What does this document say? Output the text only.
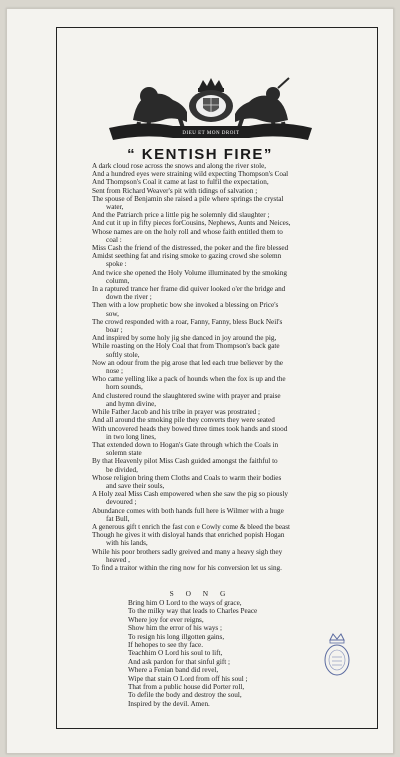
DIEU ET MON DROIT
“ KENTISH FIRE”
A dark cloud rose across the snows and along the river stole,
And a hundred eyes were straining wild expecting Thompson's Coal
And Thompson's Coal it came at last to fulfil the expectation,
Sent from Richard Weaver's pit with tidings of salvation ;
The spouse of Benjamin she raised a pile where springs the crystal
water,
And the Patriarch price a little pig he solemnly did slaughter ;
And cut it up in fifty pieces forCousins, Nephews, Aunts and Neices,
Whose names are on the holy roll and whose faith entitled them to
coal :
Miss Cash the friend of the distressed, the poker and the fire blessed
Amidst seething fat and rising smoke to gazing crowd she solemn
spoke :
And twice she opened the Holy Volume illuminated by the smoking
column,
In a raptured trance her frame did quiver looked o'er the bridge and
down the river ;
Then with a low prophetic bow she invoked a blessing on Price's
sow,
The crowd responded with a roar, Fanny, Fanny, bless Buck Neil's
boar ;
And inspired by some holy jig she danced in joy around the pig,
While roasting on the Holy Coal that from Thompson's back gate
softly stole,
Now an odour from the pig arose that led each true believer by the
nose ;
Who came yelling like a pack of hounds when the fox is up and the
horn sounds,
And clustered round the slaughtered swine with prayer and praise
and hymn divine,
While Father Jacob and his tribe in prayer was prostrated ;
And all around the smoking pile they converts they were seated
With uncovered heads they bowed three times took hands and stood
in two long lines,
That extended down to Hogan's Gate through which the Coals in
solemn state
By that Heavenly pilot Miss Cash guided amongst the faithful to
be divided,
Whose religion bring them Cloths and Coals to warm their bodies
and save their souls,
A Holy zeal Miss Cash empowered when she saw the pig so piously
devoured ;
Abundance comes with both hands full here is Wilmer with a huge
fat Bull,
A generous gift t enrich the fast con e Cowly come & bleed the beast
Though he gives it with disloyal hands that enriched popish Hogan
with his lands,
While his poor brothers sadly greived and many a heavy sigh they
heaved ,
To find a traitor within the ring now for his conversion let us sing.
S O N G
Bring him O Lord to the ways of grace,
To the milky way that leads to Charles Peace
Where joy for ever reigns,
Show him the error of his ways ;
To resign his long illgotten gains,
If hehopes to see thy face.
Teachhim O Lord his soul to lift,
And ask pardon for that sinful gift ;
Where a Fenian band did revel,
Wipe that stain O Lord from off his soul ;
That from a public house did Porter roll,
To defile the body and destroy the soul,
Inspired by the devil. Amen.
